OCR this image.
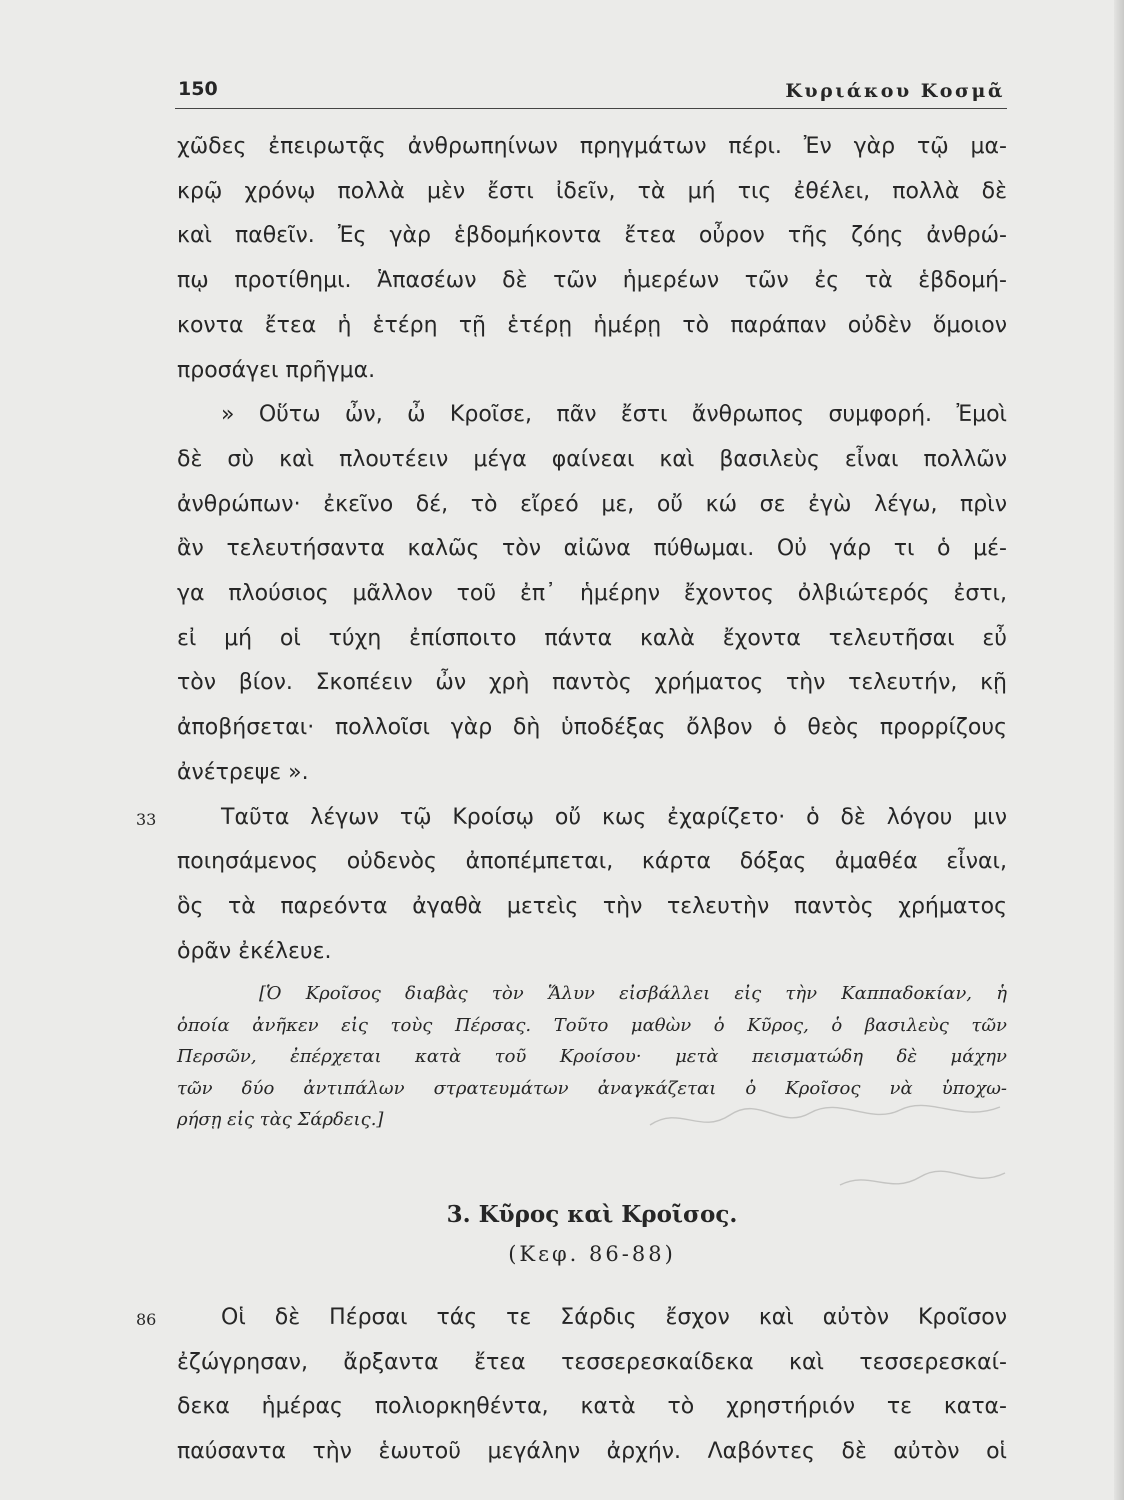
150	Κυριάκου Κοσμᾶ

χῶδες ἐπειρωτᾷς ἀνθρωπηίνων πρηγμάτων πέρι. Ἐν γὰρ τῷ μα-
κρῷ χρόνῳ πολλὰ μὲν ἔστι ἰδεῖν, τὰ μή τις ἐθέλει, πολλὰ δὲ
καὶ παθεῖν. Ἐς γὰρ ἑβδομήκοντα ἔτεα οὖρον τῆς ζόης ἀνθρώ-
πῳ προτίθημι. Ἁπασέων δὲ τῶν ἡμερέων τῶν ἐς τὰ ἑβδομή-
κοντα ἔτεα ἡ ἑτέρη τῇ ἑτέρῃ ἡμέρῃ τὸ παράπαν οὐδὲν ὅμοιον
προσάγει πρῆγμα.

» Οὕτω ὦν, ὦ Κροῖσε, πᾶν ἔστι ἄνθρωπος συμφορή. Ἐμοὶ
δὲ σὺ καὶ πλουτέειν μέγα φαίνεαι καὶ βασιλεὺς εἶναι πολλῶν
ἀνθρώπων· ἐκεῖνο δέ, τὸ εἴρεό με, οὔ κώ σε ἐγὼ λέγω, πρὶν
ἂν τελευτήσαντα καλῶς τὸν αἰῶνα πύθωμαι. Οὐ γάρ τι ὁ μέ-
γα πλούσιος μᾶλλον τοῦ ἐπ᾽ ἡμέρην ἔχοντος ὀλβιώτερός ἐστι,
εἰ μή οἱ τύχη ἐπίσποιτο πάντα καλὰ ἔχοντα τελευτῆσαι εὖ
τὸν βίον. Σκοπέειν ὦν χρὴ παντὸς χρήματος τὴν τελευτήν, κῇ
ἀποβήσεται· πολλοῖσι γὰρ δὴ ὑποδέξας ὄλβον ὁ θεὸς προρρίζους
ἀνέτρεψε ».

33	Ταῦτα λέγων τῷ Κροίσῳ οὔ κως ἐχαρίζετο· ὁ δὲ λόγου μιν
ποιησάμενος οὐδενὸς ἀποπέμπεται, κάρτα δόξας ἀμαθέα εἶναι,
ὃς τὰ παρεόντα ἀγαθὰ μετεὶς τὴν τελευτὴν παντὸς χρήματος
ὁρᾶν ἐκέλευε.

[Ὁ Κροῖσος διαβὰς τὸν Ἅλυν εἰσβάλλει εἰς τὴν Καππαδοκίαν, ἡ
ὁποία ἀνῆκεν εἰς τοὺς Πέρσας. Τοῦτο μαθὼν ὁ Κῦρος, ὁ βασιλεὺς τῶν
Περσῶν, ἐπέρχεται κατὰ τοῦ Κροίσου· μετὰ πεισματώδη δὲ μάχην
τῶν δύο ἀντιπάλων στρατευμάτων ἀναγκάζεται ὁ Κροῖσος νὰ ὑποχω-
ρήσῃ εἰς τὰς Σάρδεις.]
3. Κῦρος καὶ Κροῖσος.
(Κεφ. 86-88)

86	Οἱ δὲ Πέρσαι τάς τε Σάρδις ἔσχον καὶ αὐτὸν Κροῖσον
ἐζώγρησαν, ἄρξαντα ἔτεα τεσσερεσκαίδεκα καὶ τεσσερεσκαί-
δεκα ἡμέρας πολιορκηθέντα, κατὰ τὸ χρηστήριόν τε κατα-
παύσαντα τὴν ἑωυτοῦ μεγάλην ἀρχήν. Λαβόντες δὲ αὐτὸν οἱ
